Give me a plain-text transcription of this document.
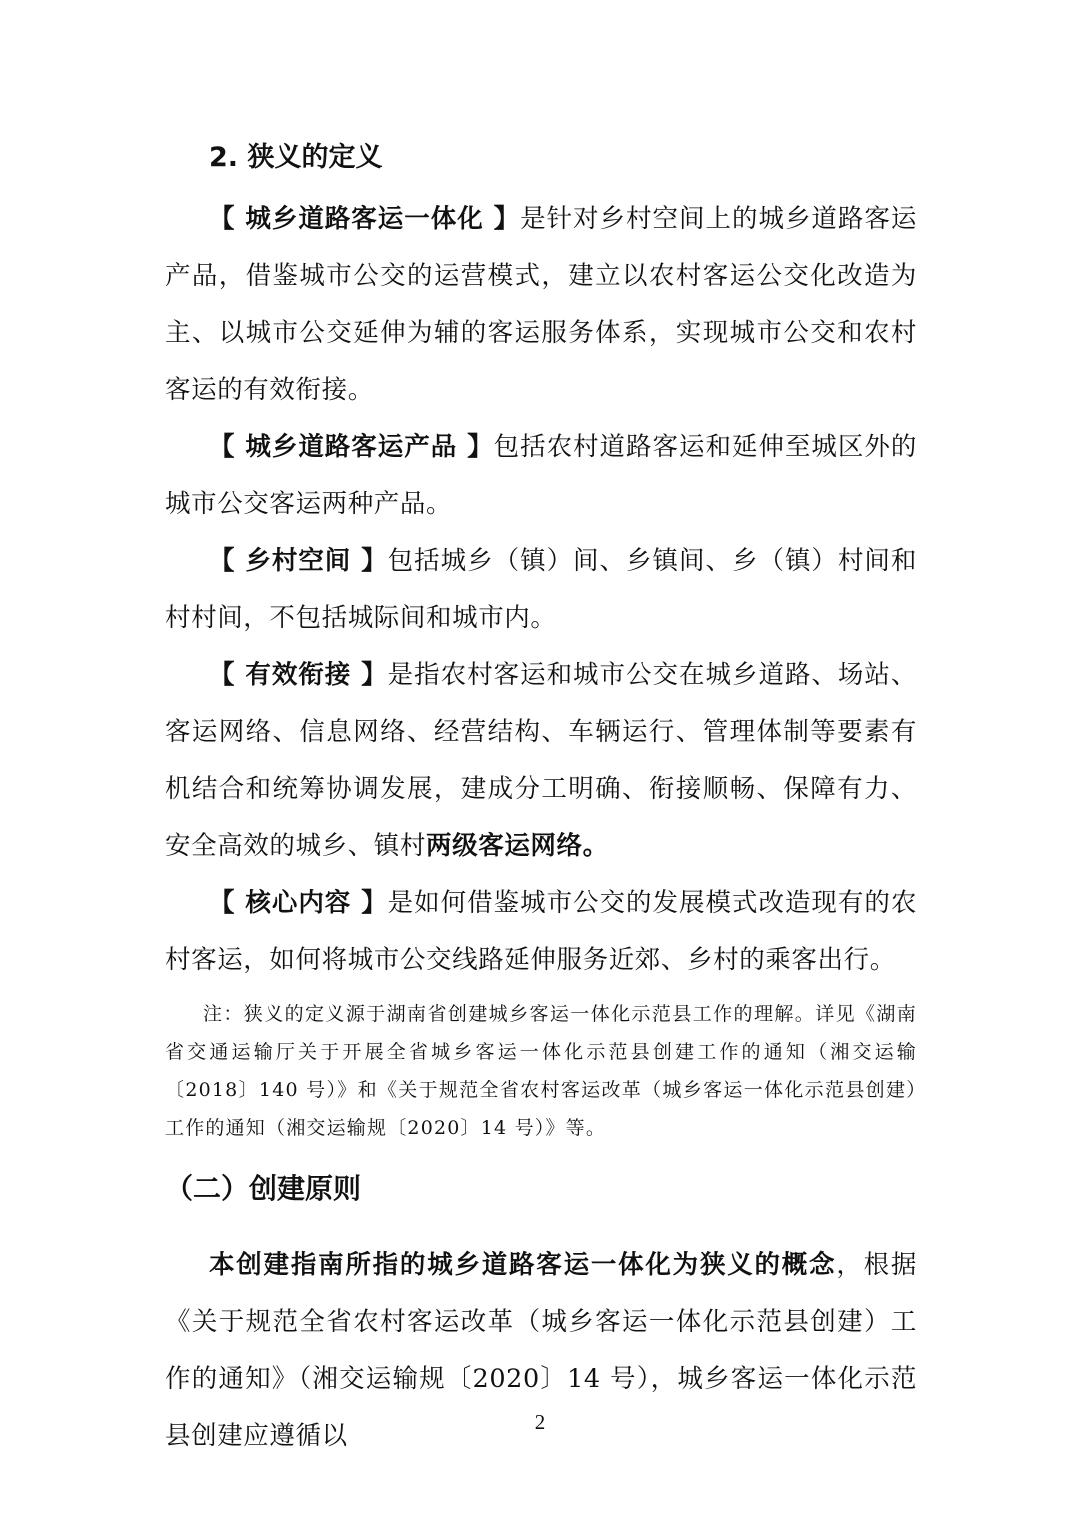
2. 狭义的定义

【 城乡道路客运一体化 】是针对乡村空间上的城乡道路客运产品，借鉴城市公交的运营模式，建立以农村客运公交化改造为主、以城市公交延伸为辅的客运服务体系，实现城市公交和农村客运的有效衔接。

【 城乡道路客运产品 】包括农村道路客运和延伸至城区外的城市公交客运两种产品。

【 乡村空间 】包括城乡（镇）间、乡镇间、乡（镇）村间和村村间，不包括城际间和城市内。

【 有效衔接 】是指农村客运和城市公交在城乡道路、场站、客运网络、信息网络、经营结构、车辆运行、管理体制等要素有机结合和统筹协调发展，建成分工明确、衔接顺畅、保障有力、安全高效的城乡、镇村两级客运网络。

【 核心内容 】是如何借鉴城市公交的发展模式改造现有的农村客运，如何将城市公交线路延伸服务近郊、乡村的乘客出行。

注：狭义的定义源于湖南省创建城乡客运一体化示范县工作的理解。详见《湖南省交通运输厅关于开展全省城乡客运一体化示范县创建工作的通知（湘交运输〔2018〕140 号）》和《关于规范全省农村客运改革（城乡客运一体化示范县创建）工作的通知（湘交运输规〔2020〕14 号）》等。

（二）创建原则

本创建指南所指的城乡道路客运一体化为狭义的概念，根据《关于规范全省农村客运改革（城乡客运一体化示范县创建）工作的通知》（湘交运输规〔2020〕14 号），城乡客运一体化示范县创建应遵循以	2
